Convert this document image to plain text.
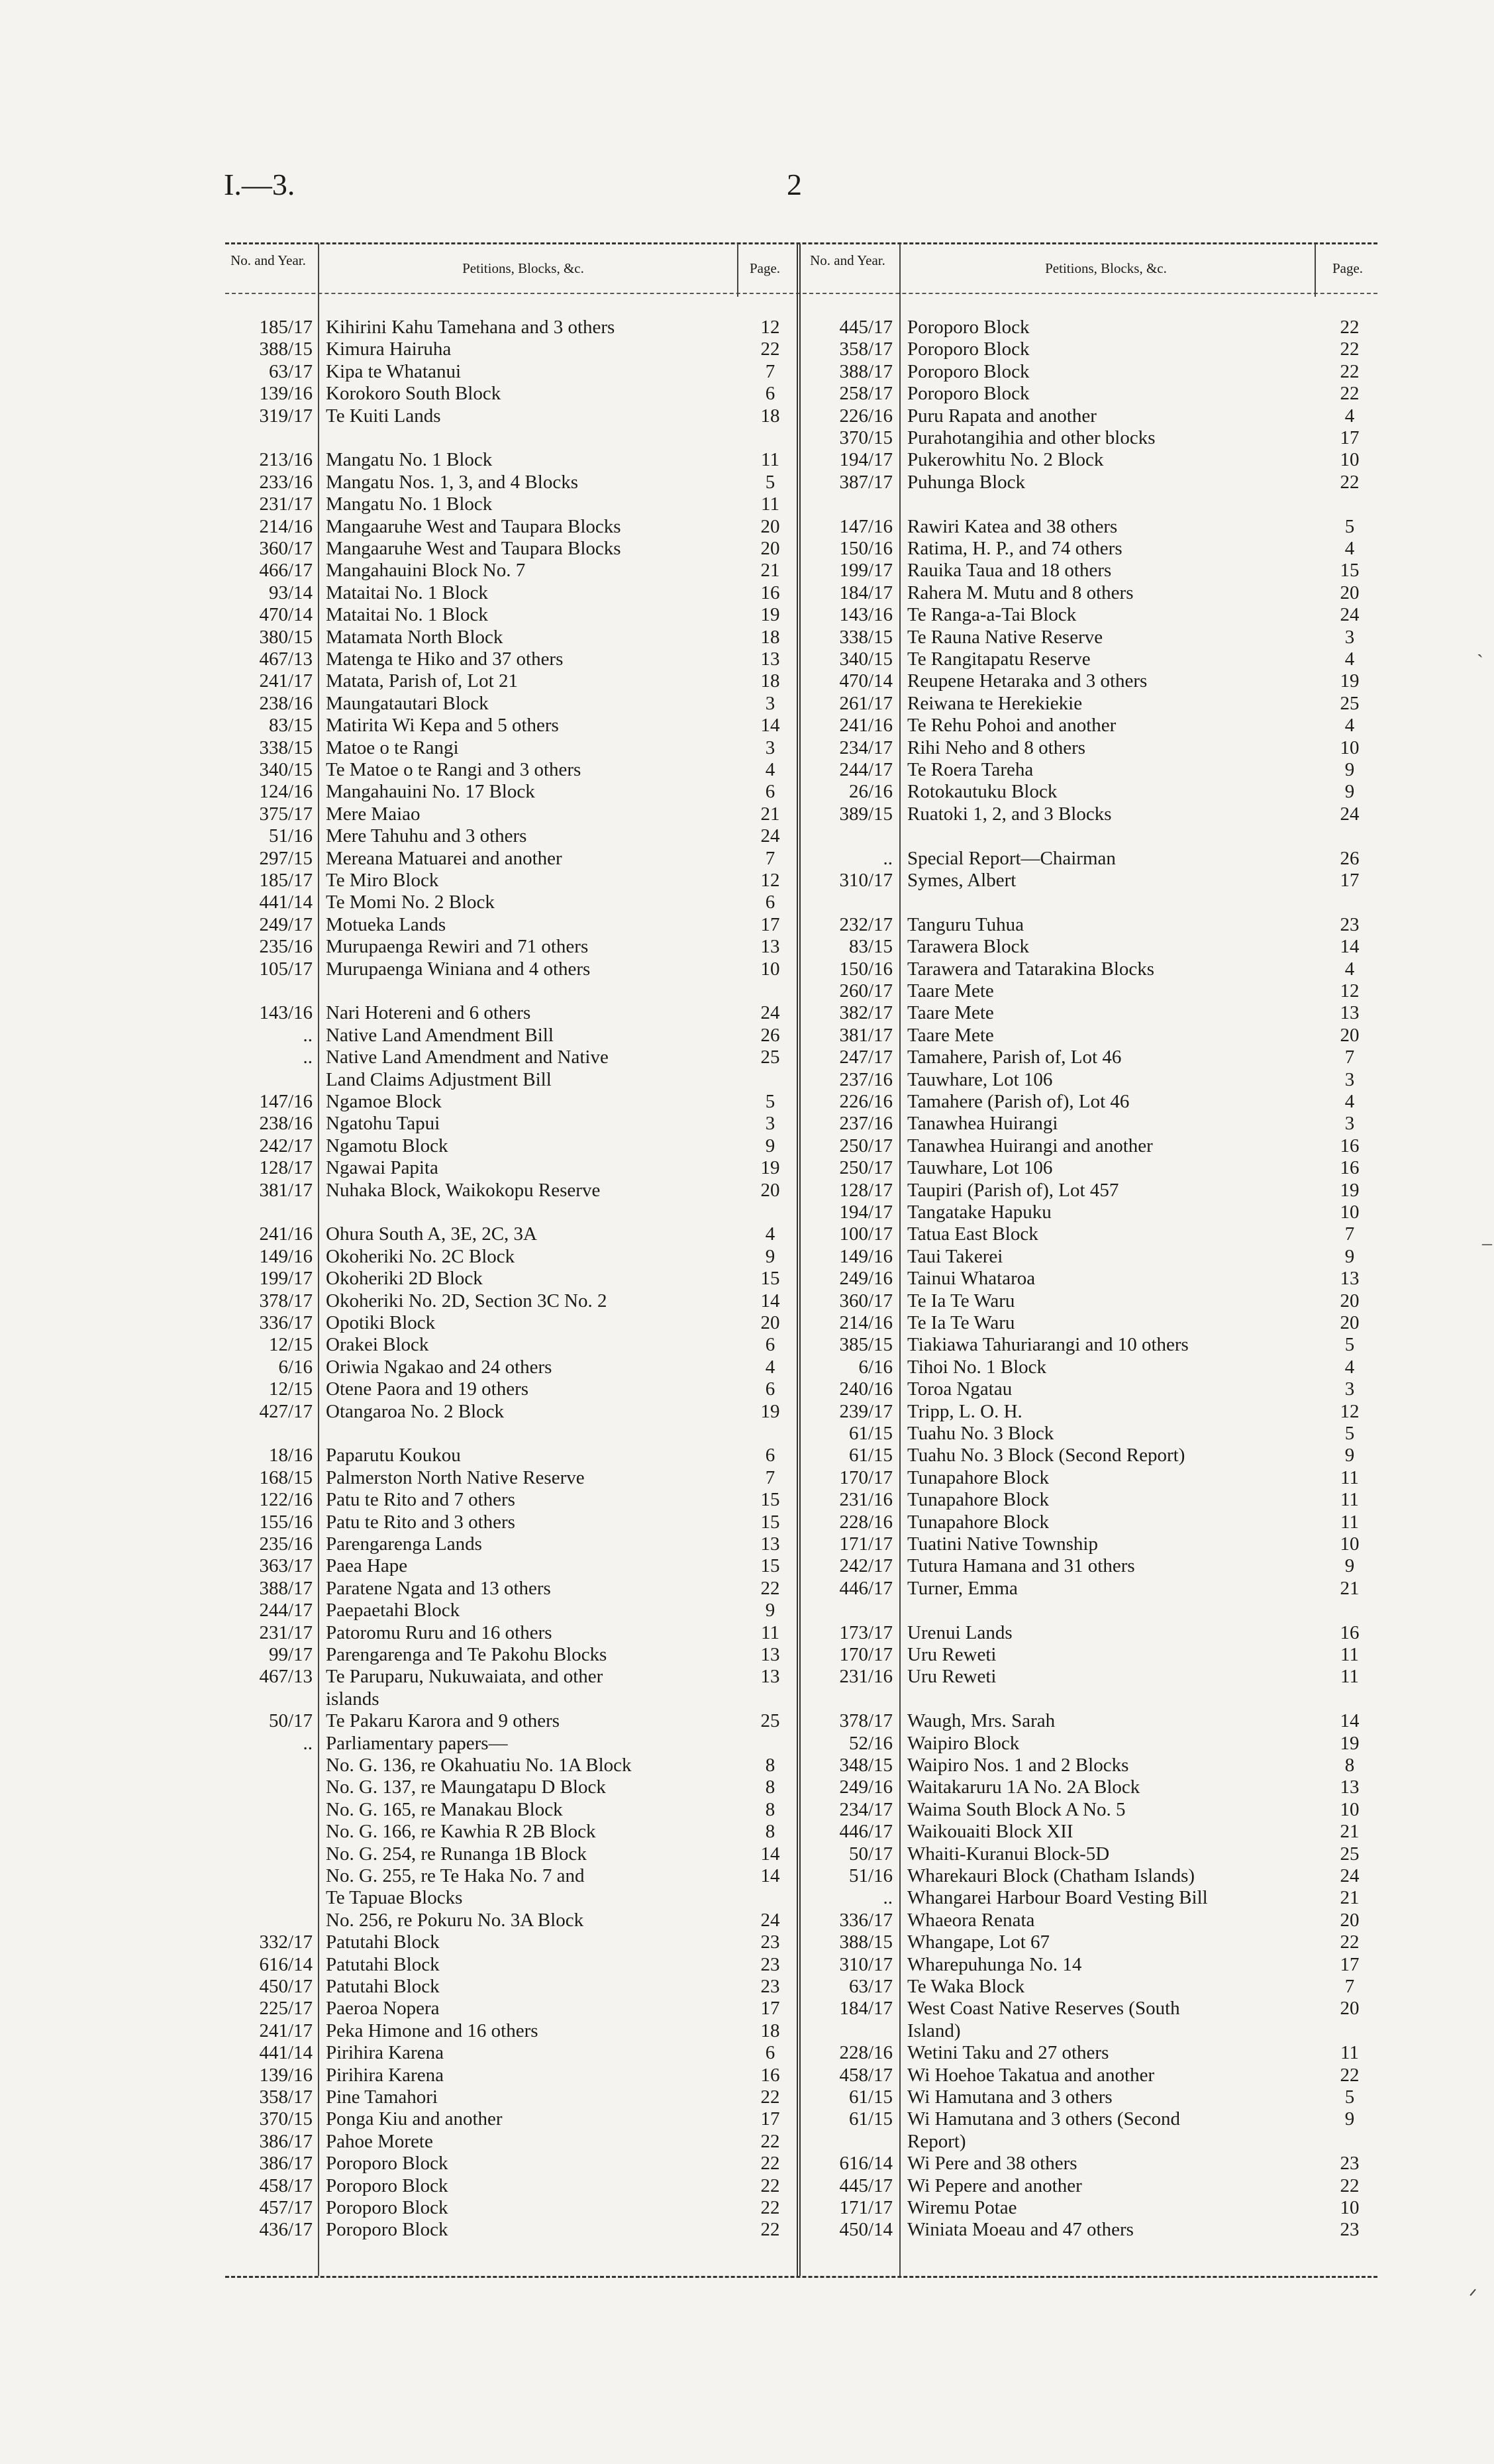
I.—3.	2
No. and Year.	Petitions, Blocks, &c.	Page.	No. and Year.	Petitions, Blocks, &c.	Page.
ˎ
–
ᐟ
185/17 Kihirini Kahu Tamehana and 3 others	12
388/15 Kimura Hairuha	22
63/17 Kipa te Whatanui	7
139/16 Korokoro South Block	6
319/17 Te Kuiti Lands	18
213/16 Mangatu No. 1 Block	11
233/16 Mangatu Nos. 1, 3, and 4 Blocks	5
231/17 Mangatu No. 1 Block	11
214/16 Mangaaruhe West and Taupara Blocks	20
360/17 Mangaaruhe West and Taupara Blocks	20
466/17 Mangahauini Block No. 7	21
93/14 Mataitai No. 1 Block	16
470/14 Mataitai No. 1 Block	19
380/15 Matamata North Block	18
467/13 Matenga te Hiko and 37 others	13
241/17 Matata, Parish of, Lot 21	18
238/16 Maungatautari Block	3
83/15 Matirita Wi Kepa and 5 others	14
338/15 Matoe o te Rangi	3
340/15 Te Matoe o te Rangi and 3 others	4
124/16 Mangahauini No. 17 Block	6
375/17 Mere Maiao	21
51/16 Mere Tahuhu and 3 others	24
297/15 Mereana Matuarei and another	7
185/17 Te Miro Block	12
441/14 Te Momi No. 2 Block	6
249/17 Motueka Lands	17
235/16 Murupaenga Rewiri and 71 others	13
105/17 Murupaenga Winiana and 4 others	10
143/16 Nari Hotereni and 6 others	24
.. Native Land Amendment Bill	26
.. Native Land Amendment and Native	25
Land Claims Adjustment Bill
147/16 Ngamoe Block	5
238/16 Ngatohu Tapui	3
242/17 Ngamotu Block	9
128/17 Ngawai Papita	19
381/17 Nuhaka Block, Waikokopu Reserve	20
241/16 Ohura South A, 3E, 2C, 3A	4
149/16 Okoheriki No. 2C Block	9
199/17 Okoheriki 2D Block	15
378/17 Okoheriki No. 2D, Section 3C No. 2	14
336/17 Opotiki Block	20
12/15 Orakei Block	6
6/16 Oriwia Ngakao and 24 others	4
12/15 Otene Paora and 19 others	6
427/17 Otangaroa No. 2 Block	19
18/16 Paparutu Koukou	6
168/15 Palmerston North Native Reserve	7
122/16 Patu te Rito and 7 others	15
155/16 Patu te Rito and 3 others	15
235/16 Parengarenga Lands	13
363/17 Paea Hape	15
388/17 Paratene Ngata and 13 others	22
244/17 Paepaetahi Block	9
231/17 Patoromu Ruru and 16 others	11
99/17 Parengarenga and Te Pakohu Blocks	13
467/13 Te Paruparu, Nukuwaiata, and other	13
islands
50/17 Te Pakaru Karora and 9 others	25
.. Parliamentary papers—
No. G. 136, re Okahuatiu No. 1A Block	8
No. G. 137, re Maungatapu D Block	8
No. G. 165, re Manakau Block	8
No. G. 166, re Kawhia R 2B Block	8
No. G. 254, re Runanga 1B Block	14
No. G. 255, re Te Haka No. 7 and	14
Te Tapuae Blocks
No. 256, re Pokuru No. 3A Block	24
332/17 Patutahi Block	23
616/14 Patutahi Block	23
450/17 Patutahi Block	23
225/17 Paeroa Nopera	17
241/17 Peka Himone and 16 others	18
441/14 Pirihira Karena	6
139/16 Pirihira Karena	16
358/17 Pine Tamahori	22
370/15 Ponga Kiu and another	17
386/17 Pahoe Morete	22
386/17 Poroporo Block	22
458/17 Poroporo Block	22
457/17 Poroporo Block	22
436/17 Poroporo Block	22
445/17 Poroporo Block	22
358/17 Poroporo Block	22
388/17 Poroporo Block	22
258/17 Poroporo Block	22
226/16 Puru Rapata and another	4
370/15 Purahotangihia and other blocks	17
194/17 Pukerowhitu No. 2 Block	10
387/17 Puhunga Block	22
147/16 Rawiri Katea and 38 others	5
150/16 Ratima, H. P., and 74 others	4
199/17 Rauika Taua and 18 others	15
184/17 Rahera M. Mutu and 8 others	20
143/16 Te Ranga-a-Tai Block	24
338/15 Te Rauna Native Reserve	3
340/15 Te Rangitapatu Reserve	4
470/14 Reupene Hetaraka and 3 others	19
261/17 Reiwana te Herekiekie	25
241/16 Te Rehu Pohoi and another	4
234/17 Rihi Neho and 8 others	10
244/17 Te Roera Tareha	9
26/16 Rotokautuku Block	9
389/15 Ruatoki 1, 2, and 3 Blocks	24
.. Special Report—Chairman	26
310/17 Symes, Albert	17
232/17 Tanguru Tuhua	23
83/15 Tarawera Block	14
150/16 Tarawera and Tatarakina Blocks	4
260/17 Taare Mete	12
382/17 Taare Mete	13
381/17 Taare Mete	20
247/17 Tamahere, Parish of, Lot 46	7
237/16 Tauwhare, Lot 106	3
226/16 Tamahere (Parish of), Lot 46	4
237/16 Tanawhea Huirangi	3
250/17 Tanawhea Huirangi and another	16
250/17 Tauwhare, Lot 106	16
128/17 Taupiri (Parish of), Lot 457	19
194/17 Tangatake Hapuku	10
100/17 Tatua East Block	7
149/16 Taui Takerei	9
249/16 Tainui Whataroa	13
360/17 Te Ia Te Waru	20
214/16 Te Ia Te Waru	20
385/15 Tiakiawa Tahuriarangi and 10 others	5
6/16 Tihoi No. 1 Block	4
240/16 Toroa Ngatau	3
239/17 Tripp, L. O. H.	12
61/15 Tuahu No. 3 Block	5
61/15 Tuahu No. 3 Block (Second Report)	9
170/17 Tunapahore Block	11
231/16 Tunapahore Block	11
228/16 Tunapahore Block	11
171/17 Tuatini Native Township	10
242/17 Tutura Hamana and 31 others	9
446/17 Turner, Emma	21
173/17 Urenui Lands	16
170/17 Uru Reweti	11
231/16 Uru Reweti	11
378/17 Waugh, Mrs. Sarah	14
52/16 Waipiro Block	19
348/15 Waipiro Nos. 1 and 2 Blocks	8
249/16 Waitakaruru 1A No. 2A Block	13
234/17 Waima South Block A No. 5	10
446/17 Waikouaiti Block XII	21
50/17 Whaiti-Kuranui Block-5D	25
51/16 Wharekauri Block (Chatham Islands)	24
.. Whangarei Harbour Board Vesting Bill	21
336/17 Whaeora Renata	20
388/15 Whangape, Lot 67	22
310/17 Wharepuhunga No. 14	17
63/17 Te Waka Block	7
184/17 West Coast Native Reserves (South	20
Island)
228/16 Wetini Taku and 27 others	11
458/17 Wi Hoehoe Takatua and another	22
61/15 Wi Hamutana and 3 others	5
61/15 Wi Hamutana and 3 others (Second	9
Report)
616/14 Wi Pere and 38 others	23
445/17 Wi Pepere and another	22
171/17 Wiremu Potae	10
450/14 Winiata Moeau and 47 others	23
